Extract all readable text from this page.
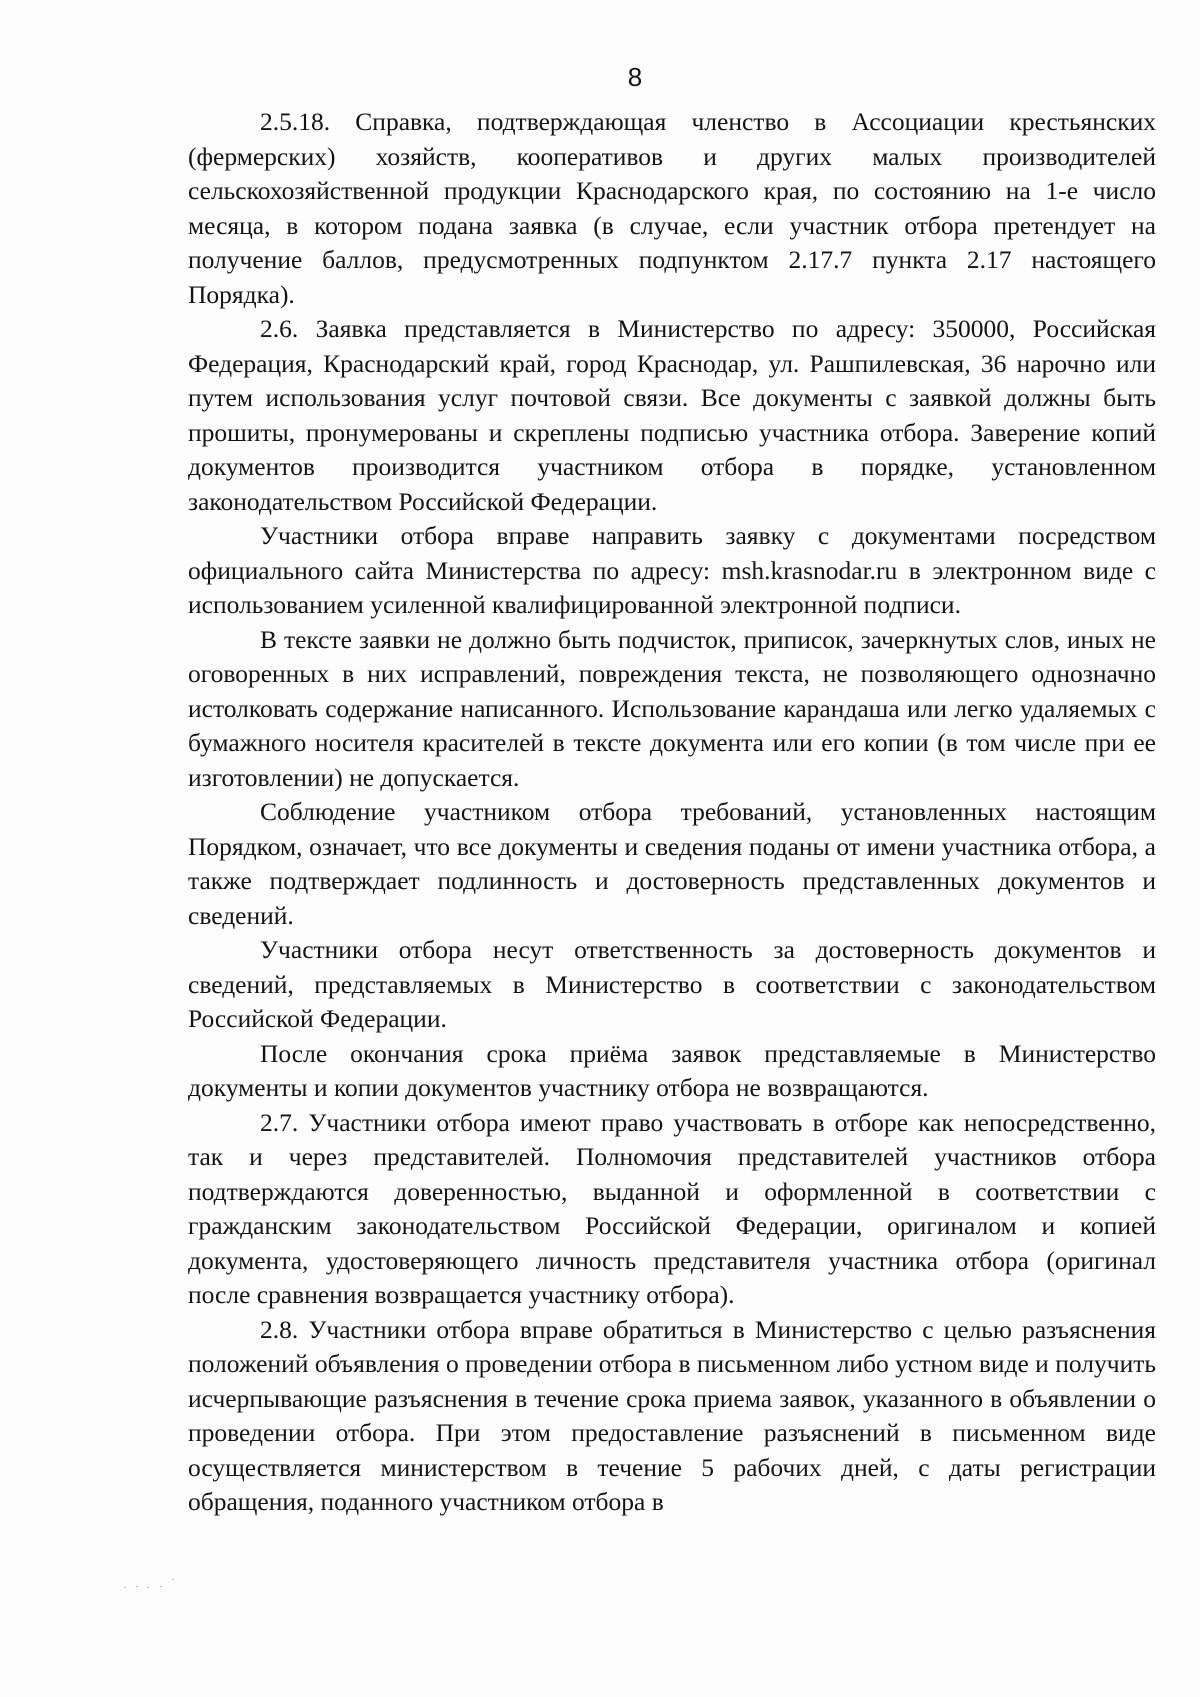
8

2.5.18. Справка, подтверждающая членство в Ассоциации крестьянских (фермерских) хозяйств, кооперативов и других малых производителей сельскохозяйственной продукции Краснодарского края, по состоянию на 1-е число месяца, в котором подана заявка (в случае, если участник отбора претендует на получение баллов, предусмотренных подпунктом 2.17.7 пункта 2.17 настоящего Порядка).

2.6. Заявка представляется в Министерство по адресу: 350000, Российская Федерация, Краснодарский край, город Краснодар, ул. Рашпилевская, 36 нарочно или путем использования услуг почтовой связи. Все документы с заявкой должны быть прошиты, пронумерованы и скреплены подписью участника отбора. Заверение копий документов производится участником отбора в порядке, установленном законодательством Российской Федерации.

Участники отбора вправе направить заявку с документами посредством официального сайта Министерства по адресу: msh.krasnodar.ru в электронном виде с использованием усиленной квалифицированной электронной подписи.

В тексте заявки не должно быть подчисток, приписок, зачеркнутых слов, иных не оговоренных в них исправлений, повреждения текста, не позволяющего однозначно истолковать содержание написанного. Использование карандаша или легко удаляемых с бумажного носителя красителей в тексте документа или его копии (в том числе при ее изготовлении) не допускается.

Соблюдение участником отбора требований, установленных настоящим Порядком, означает, что все документы и сведения поданы от имени участника отбора, а также подтверждает подлинность и достоверность представленных документов и сведений.

Участники отбора несут ответственность за достоверность документов и сведений, представляемых в Министерство в соответствии с законодательством Российской Федерации.

После окончания срока приёма заявок представляемые в Министерство документы и копии документов участнику отбора не возвращаются.

2.7. Участники отбора имеют право участвовать в отборе как непосредственно, так и через представителей. Полномочия представителей участников отбора подтверждаются доверенностью, выданной и оформленной в соответствии с гражданским законодательством Российской Федерации, оригиналом и копией документа, удостоверяющего личность представителя участника отбора (оригинал после сравнения возвращается участнику отбора).

2.8. Участники отбора вправе обратиться в Министерство с целью разъяснения положений объявления о проведении отбора в письменном либо устном виде и получить исчерпывающие разъяснения в течение срока приема заявок, указанного в объявлении о проведении отбора. При этом предоставление разъяснений в письменном виде осуществляется министерством в течение 5 рабочих дней, с даты регистрации обращения, поданного участником отбора в
